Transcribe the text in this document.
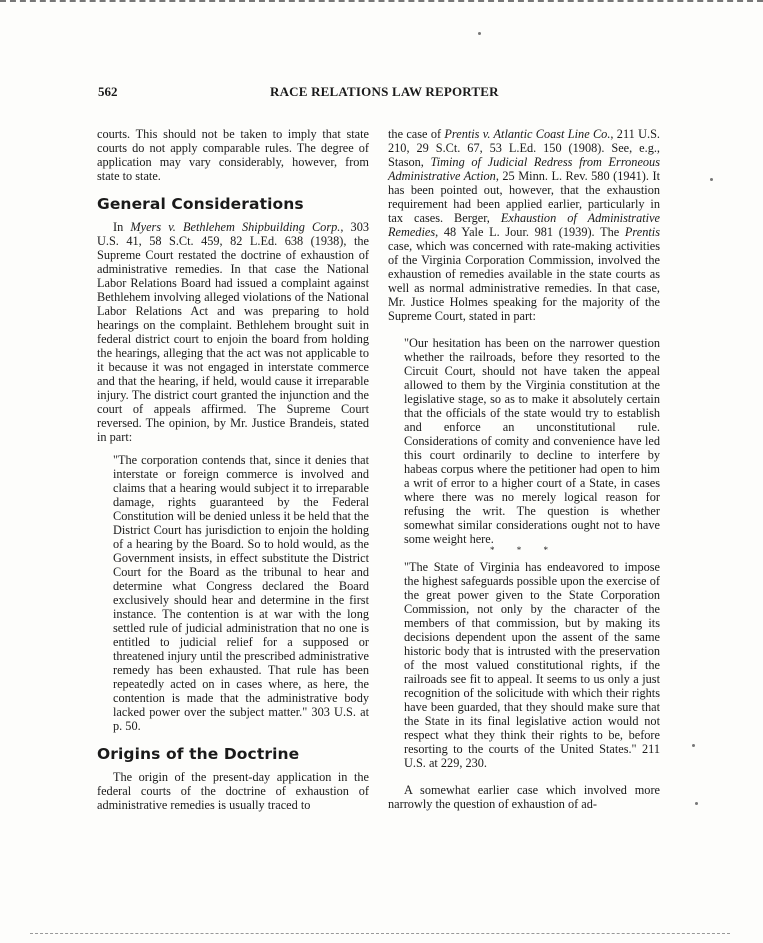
562	RACE RELATIONS LAW REPORTER

courts. This should not be taken to imply that state courts do not apply comparable rules. The degree of application may vary considerably, however, from state to state.

General Considerations

In Myers v. Bethlehem Shipbuilding Corp., 303 U.S. 41, 58 S.Ct. 459, 82 L.Ed. 638 (1938), the Supreme Court restated the doctrine of exhaustion of administrative remedies. In that case the National Labor Relations Board had issued a complaint against Bethlehem involving alleged violations of the National Labor Relations Act and was preparing to hold hearings on the complaint. Bethlehem brought suit in federal district court to enjoin the board from holding the hearings, alleging that the act was not applicable to it because it was not engaged in interstate commerce and that the hearing, if held, would cause it irreparable injury. The district court granted the injunction and the court of appeals affirmed. The Supreme Court reversed. The opinion, by Mr. Justice Brandeis, stated in part:

"The corporation contends that, since it denies that interstate or foreign commerce is involved and claims that a hearing would subject it to irreparable damage, rights guaranteed by the Federal Constitution will be denied unless it be held that the District Court has jurisdiction to enjoin the holding of a hearing by the Board. So to hold would, as the Government insists, in effect substitute the District Court for the Board as the tribunal to hear and determine what Congress declared the Board exclusively should hear and determine in the first instance. The contention is at war with the long settled rule of judicial administration that no one is entitled to judicial relief for a supposed or threatened injury until the prescribed administrative remedy has been exhausted. That rule has been repeatedly acted on in cases where, as here, the contention is made that the administrative body lacked power over the subject matter." 303 U.S. at p. 50.

Origins of the Doctrine

The origin of the present-day application in the federal courts of the doctrine of exhaustion of administrative remedies is usually traced to

the case of Prentis v. Atlantic Coast Line Co., 211 U.S. 210, 29 S.Ct. 67, 53 L.Ed. 150 (1908). See, e.g., Stason, Timing of Judicial Redress from Erroneous Administrative Action, 25 Minn. L. Rev. 580 (1941). It has been pointed out, however, that the exhaustion requirement had been applied earlier, particularly in tax cases. Berger, Exhaustion of Administrative Remedies, 48 Yale L. Jour. 981 (1939). The Prentis case, which was concerned with rate-making activities of the Virginia Corporation Commission, involved the exhaustion of remedies available in the state courts as well as normal administrative remedies. In that case, Mr. Justice Holmes speaking for the majority of the Supreme Court, stated in part:

"Our hesitation has been on the narrower question whether the railroads, before they resorted to the Circuit Court, should not have taken the appeal allowed to them by the Virginia constitution at the legislative stage, so as to make it absolutely certain that the officials of the state would try to establish and enforce an unconstitutional rule. Considerations of comity and convenience have led this court ordinarily to decline to interfere by habeas corpus where the petitioner had open to him a writ of error to a higher court of a State, in cases where there was no merely logical reason for refusing the writ. The question is whether somewhat similar considerations ought not to have some weight here.

* * *

"The State of Virginia has endeavored to impose the highest safeguards possible upon the exercise of the great power given to the State Corporation Commission, not only by the character of the members of that commission, but by making its decisions dependent upon the assent of the same historic body that is intrusted with the preservation of the most valued constitutional rights, if the railroads see fit to appeal. It seems to us only a just recognition of the solicitude with which their rights have been guarded, that they should make sure that the State in its final legislative action would not respect what they think their rights to be, before resorting to the courts of the United States." 211 U.S. at 229, 230.

A somewhat earlier case which involved more narrowly the question of exhaustion of ad-
